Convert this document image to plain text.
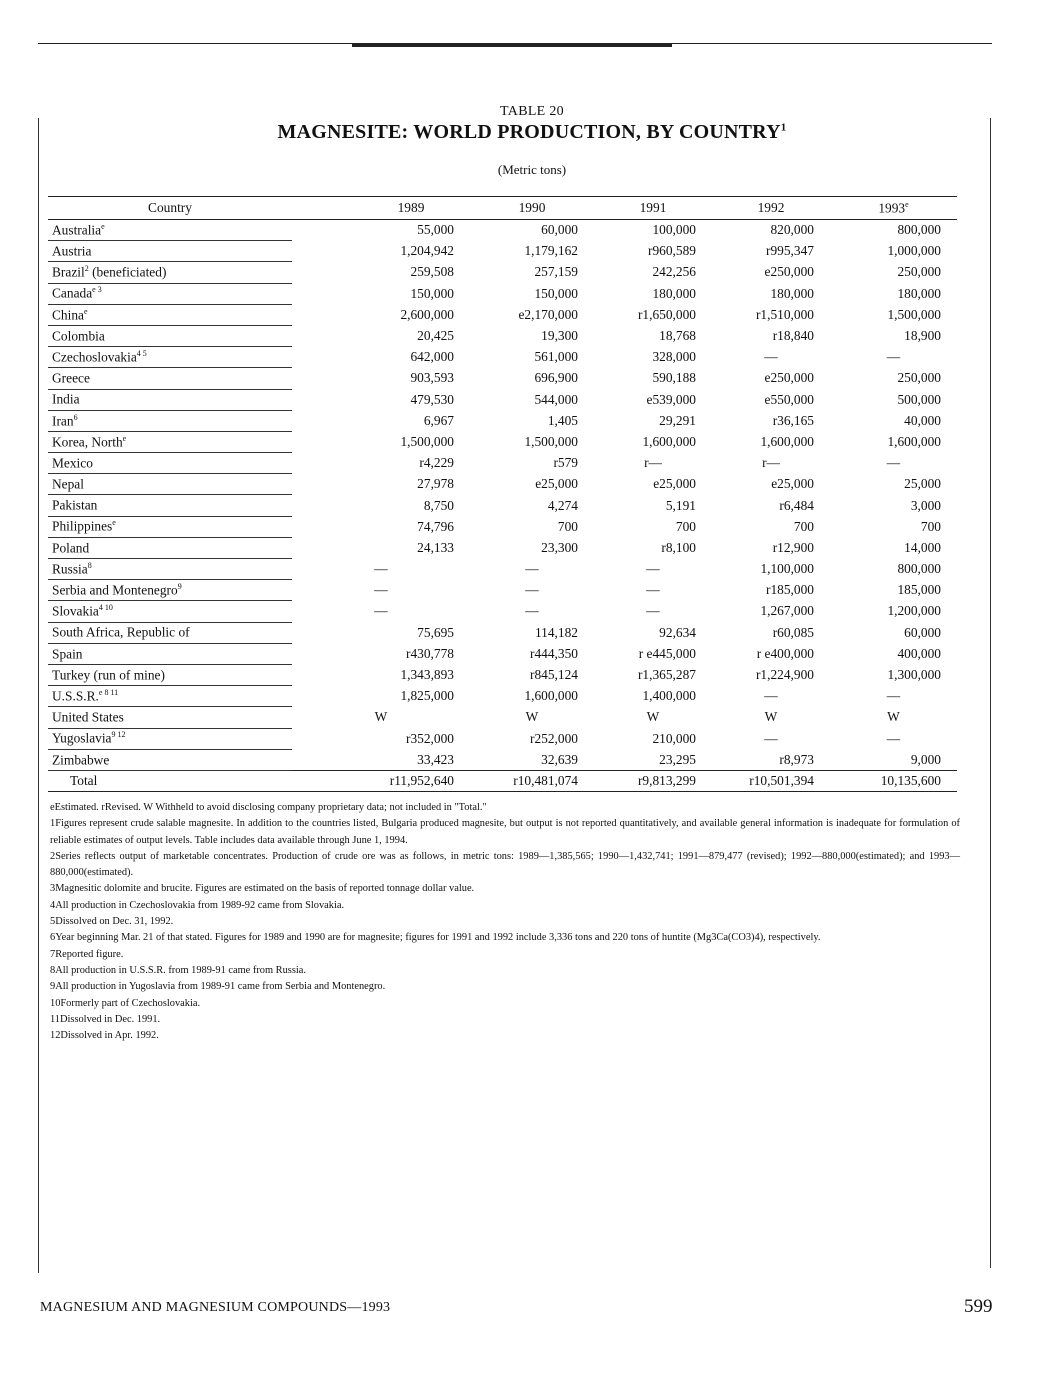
TABLE 20
MAGNESITE: WORLD PRODUCTION, BY COUNTRY$^1$
(Metric tons)
Country	1989	1990	1991	1992	1993e
Australia$^e$	55,000	60,000	100,000	820,000	800,000
Austria	1,204,942	1,179,162	r960,589	r995,347	1,000,000
Brazil$^2$ (beneficiated)	259,508	257,159	242,256	e250,000	250,000
Canada$^{e 3}$	150,000	150,000	180,000	180,000	180,000
China$^e$	2,600,000	e2,170,000	r1,650,000	r1,510,000	1,500,000
Colombia	20,425	19,300	18,768	r18,840	18,900
Czechoslovakia$^{4 5}$	642,000	561,000	328,000	—	—
Greece	903,593	696,900	590,188	e250,000	250,000
India	479,530	544,000	e539,000	e550,000	500,000
Iran$^6$	6,967	1,405	29,291	r36,165	40,000
Korea, North$^e$	1,500,000	1,500,000	1,600,000	1,600,000	1,600,000
Mexico	r4,229	r579	r—	r—	—
Nepal	27,978	e25,000	e25,000	e25,000	25,000
Pakistan	8,750	4,274	5,191	r6,484	3,000
Philippines$^e$	74,796	700	700	700	700
Poland	24,133	23,300	r8,100	r12,900	14,000
Russia$^8$	—	—	—	1,100,000	800,000
Serbia and Montenegro$^9$	—	—	—	r185,000	185,000
Slovakia$^{4 10}$	—	—	—	1,267,000	1,200,000
South Africa, Republic of	75,695	114,182	92,634	r60,085	60,000
Spain	r430,778	r444,350	r e445,000	r e400,000	400,000
Turkey (run of mine)	1,343,893	r845,124	r1,365,287	r1,224,900	1,300,000
U.S.S.R.$^{e 8 11}$	1,825,000	1,600,000	1,400,000	—	—
United States	W	W	W	W	W
Yugoslavia$^{9 12}$	r352,000	r252,000	210,000	—	—
Zimbabwe	33,423	32,639	23,295	r8,973	9,000
Total	r11,952,640	r10,481,074	r9,813,299	r10,501,394	10,135,600

eEstimated. rRevised. W Withheld to avoid disclosing company proprietary data; not included in "Total."

1Figures represent crude salable magnesite. In addition to the countries listed, Bulgaria produced magnesite, but output is not reported quantitatively, and available general information is inadequate for formulation of reliable estimates of output levels. Table includes data available through June 1, 1994.

2Series reflects output of marketable concentrates. Production of crude ore was as follows, in metric tons: 1989—1,385,565; 1990—1,432,741; 1991—879,477 (revised); 1992—880,000(estimated); and 1993—880,000(estimated).

3Magnesitic dolomite and brucite. Figures are estimated on the basis of reported tonnage dollar value.

4All production in Czechoslovakia from 1989-92 came from Slovakia.

5Dissolved on Dec. 31, 1992.

6Year beginning Mar. 21 of that stated. Figures for 1989 and 1990 are for magnesite; figures for 1991 and 1992 include 3,336 tons and 220 tons of huntite (Mg3Ca(CO3)4), respectively.

7Reported figure.

8All production in U.S.S.R. from 1989-91 came from Russia.

9All production in Yugoslavia from 1989-91 came from Serbia and Montenegro.

10Formerly part of Czechoslovakia.

11Dissolved in Dec. 1991.

12Dissolved in Apr. 1992.

MAGNESIUM AND MAGNESIUM COMPOUNDS—1993	599
